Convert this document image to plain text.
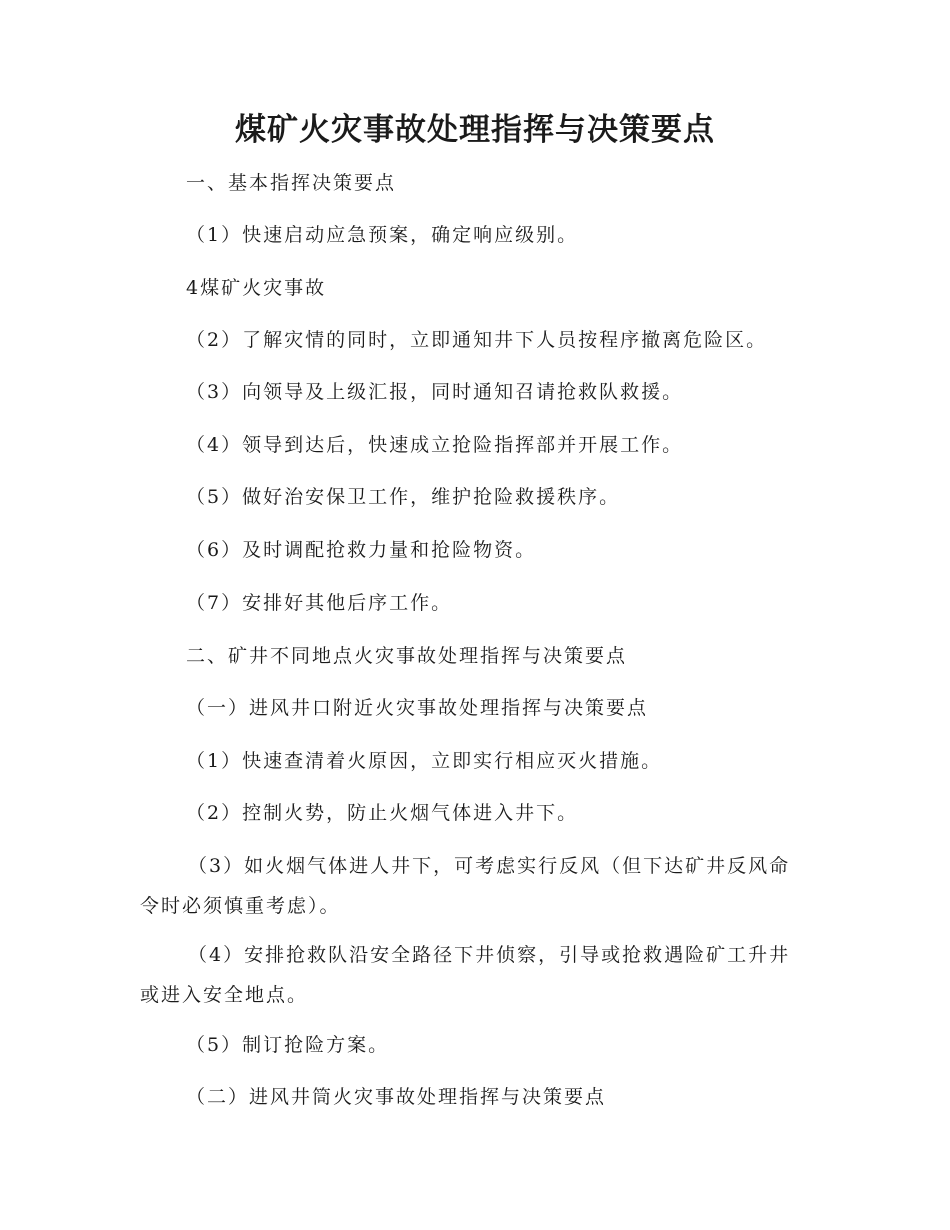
煤矿火灾事故处理指挥与决策要点

一、基本指挥决策要点

（1）快速启动应急预案，确定响应级别。

4煤矿火灾事故

（2）了解灾情的同时，立即通知井下人员按程序撤离危险区。

（3）向领导及上级汇报，同时通知召请抢救队救援。

（4）领导到达后，快速成立抢险指挥部并开展工作。

（5）做好治安保卫工作，维护抢险救援秩序。

（6）及时调配抢救力量和抢险物资。

（7）安排好其他后序工作。

二、矿井不同地点火灾事故处理指挥与决策要点

（一）进风井口附近火灾事故处理指挥与决策要点

（1）快速查清着火原因，立即实行相应灭火措施。

（2）控制火势，防止火烟气体进入井下。

（3）如火烟气体进人井下，可考虑实行反风（但下达矿井反风命令时必须慎重考虑）。

（4）安排抢救队沿安全路径下井侦察，引导或抢救遇险矿工升井或进入安全地点。

（5）制订抢险方案。

（二）进风井筒火灾事故处理指挥与决策要点
